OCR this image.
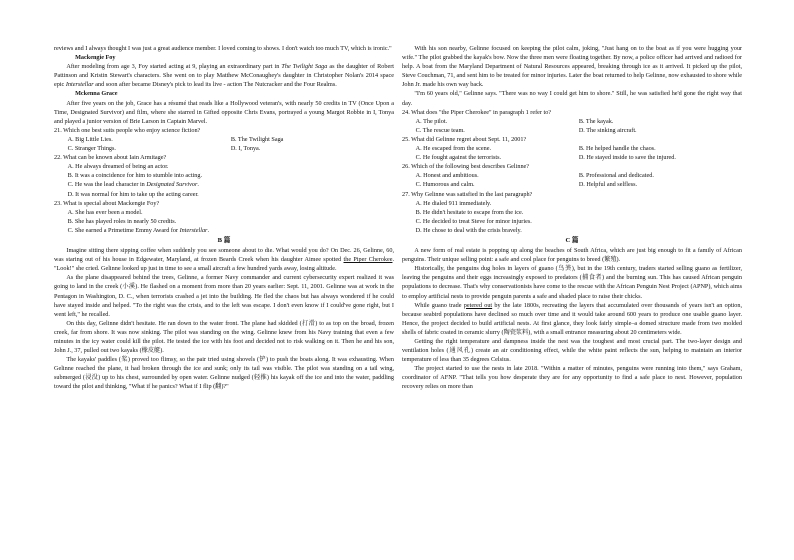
reviews and I always thought I was just a great audience member. I loved coming to shows. I don't watch too much TV, which is ironic."

Mackengie Foy

After modeling from age 3, Foy started acting at 9, playing an extraordinary part in The Twilight Saga as the daughter of Robert Pattinson and Kristin Stewart's characters. She went on to play Matthew McConaughey's daughter in Christopher Nolan's 2014 space epic Interstellar and soon after became Disney's pick to lead its live - action The Nutcracker and the Four Realms.

Mckenna Grace

After five years on the job, Grace has a résumé that reads like a Hollywood veteran's, with nearly 50 credits in TV (Once Upon a Time, Designated Survivor) and film, where she starred in Gifted opposite Chris Evans, portrayed a young Margot Robbie in I, Tonya and played a junior version of Brie Larson in Captain Marvel.

21. Which one best suits people who enjoy science fiction?

A. Big Little Lies.	B. The Twilight Saga
C. Stranger Things.	D. I, Tonya.

22. What can be known about Iain Armitage?

A. He always dreamed of being an actor.

B. It was a coincidence for him to stumble into acting.

C. He was the lead character in Designated Survivor.

D. It was normal for him to take up the acting career.

23. What is special about Mackengie Foy?

A. She has ever been a model.

B. She has played roles in nearly 50 credits.

C. She earned a Primetime Emmy Award for Interstellar.

B 篇

Imagine sitting there sipping coffee when suddenly you see someone about to die. What would you do? On Dec. 26, Gelinne, 60, was staring out of his house in Edgewater, Maryland, at frozen Beards Creek when his daughter Aimee spotted the Piper Cherokee. "Look!" she cried. Gelinne looked up just in time to see a small aircraft a few hundred yards away, losing altitude.

As the plane disappeared behind the trees, Gelinne, a former Navy commander and current cybersecurity expert realized it was going to land in the creek (小溪). He flashed on a moment from more than 20 years earlier: Sept. 11, 2001. Gelinne was at work in the Pentagon in Washington, D. C., when terrorists crashed a jet into the building. He fled the chaos but has always wondered if he could have stayed inside and helped. "To the right was the crisis, and to the left was escape. I don't even know if I could've gone right, but I went left," he recalled.

On this day, Gelinne didn't hesitate. He ran down to the water front. The plane had skidded (打滑) to as top on the broad, frozen creek, far from shore. It was now sinking. The pilot was standing on the wing. Gelinne knew from his Navy training that even a few minutes in the icy water could kill the pilot. He tested the ice with his foot and decided not to risk walking on it. Then he and his son, John J., 37, pulled out two kayaks (橡皮艇).

The kayaks' paddles (桨) proved too flimsy, so the pair tried using shovels (铲) to push the boats along. It was exhausting. When Gelinne reached the plane, it had broken through the ice and sunk; only its tail was visible. The pilot was standing on a tail wing, submerged (浸没) up to his chest, surrounded by open water. Gelinne nudged (轻推) his kayak off the ice and into the water, paddling toward the pilot and thinking, "What if he panics? What if I flip (翻)?"

With his son nearby, Gelinne focused on keeping the pilot calm, joking, "Just hang on to the boat as if you were hugging your wife." The pilot grabbed the kayak's bow. Now the three men were floating together. By now, a police officer had arrived and radioed for help. A boat from the Maryland Department of Natural Resources appeared, breaking through ice as it arrived. It picked up the pilot, Steve Couchman, 71, and sent him to be treated for minor injuries. Later the boat returned to help Gelinne, now exhausted to shore while John Jr. made his own way back.

"I'm 60 years old," Gelinne says. "There was no way I could get him to shore." Still, he was satisfied he'd gone the right way that day.

24. What does "the Piper Cherokee" in paragraph 1 refer to?

A. The pilot.	B. The kayak.
C. The rescue team.	D. The sinking aircraft.

25. What did Gelinne regret about Sept. 11, 2001?

A. He escaped from the scene.	B. He helped handle the chaos.
C. He fought against the terrorists.	D. He stayed inside to save the injured.

26. Which of the following best describes Gelinne?

A. Honest and ambitious.	B. Professional and dedicated.
C. Humorous and calm.	D. Helpful and selfless.

27. Why Gelinne was satisfied in the last paragraph?

A. He dialed 911 immediately.

B. He didn't hesitate to escape from the ice.

C. He decided to treat Steve for minor injuries.

D. He chose to deal with the crisis bravely.

C 篇

A new form of real estate is popping up along the beaches of South Africa, which are just big enough to fit a family of African penguins. Their unique selling point: a safe and cool place for penguins to breed (繁殖).

Historically, the penguins dug holes in layers of guano (鸟粪), but in the 19th century, traders started selling guano as fertilizer, leaving the penguins and their eggs increasingly exposed to predators (捕食者) and the burning sun. This has caused African penguin populations to decrease. That's why conservationists have come to the rescue with the African Penguin Nest Project (APNP), which aims to employ artificial nests to provide penguin parents a safe and shaded place to raise their chicks.

While guano trade petered out by the late 1800s, recreating the layers that accumulated over thousands of years isn't an option, because seabird populations have declined so much over time and it would take around 600 years to produce one usable guano layer. Hence, the project decided to build artificial nests. At first glance, they look fairly simple–a domed structure made from two molded shells of fabric coated in ceramic slurry (陶瓷浆料), with a small entrance measuring about 20 centimeters wide.

Getting the right temperature and dampness inside the nest was the toughest and most crucial part. The two-layer design and ventilation holes (通风孔) create an air conditioning effect, while the white paint reflects the sun, helping to maintain an interior temperature of less than 35 degrees Celsius.

The project started to use the nests in late 2018. "Within a matter of minutes, penguins were running into them," says Graham, coordinator of AFNP. "That tells you how desperate they are for any opportunity to find a safe place to nest. However, population recovery relies on more than
